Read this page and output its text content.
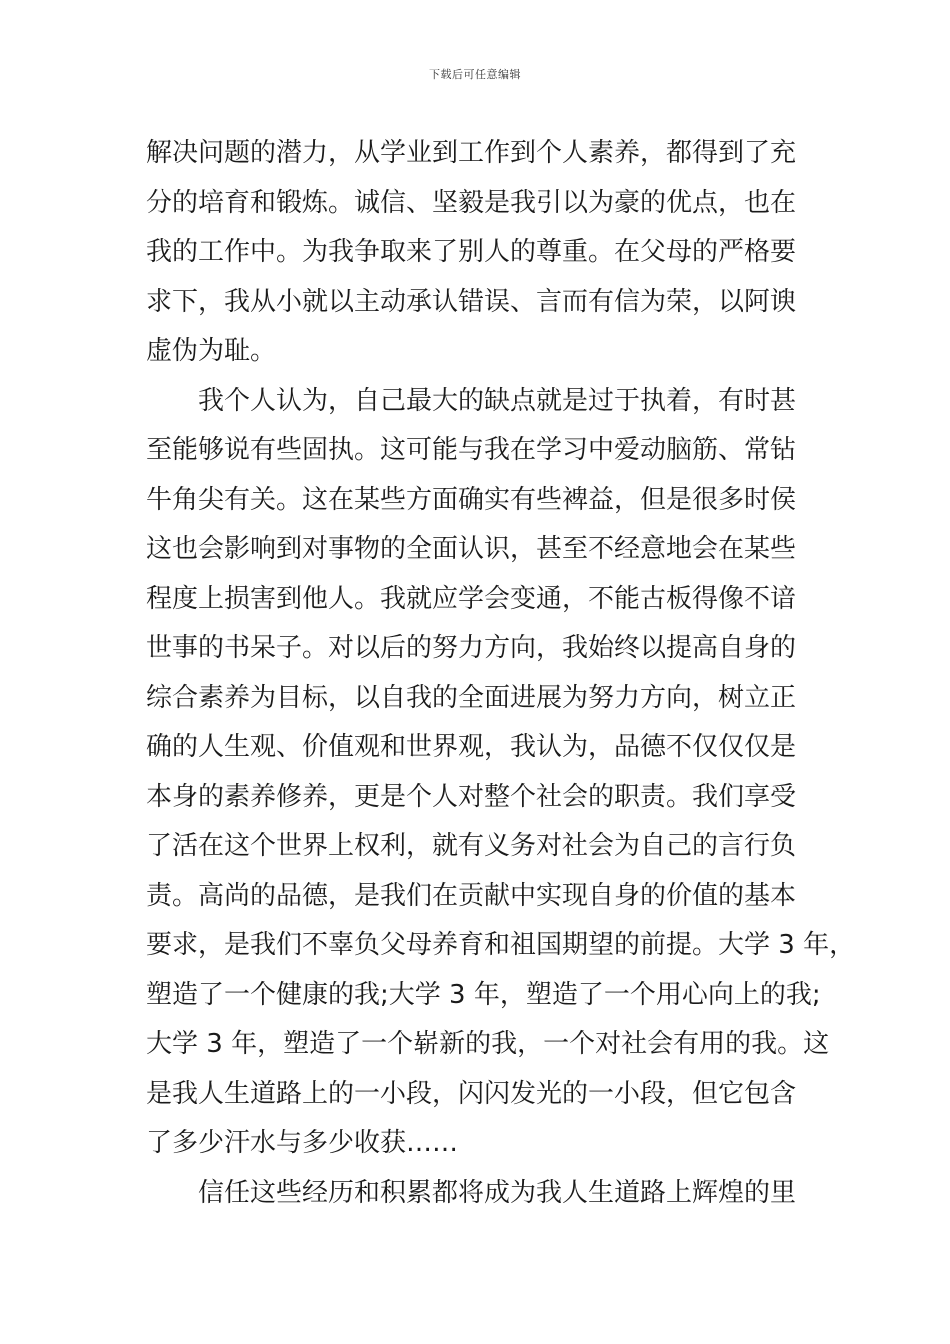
下载后可任意编辑
解决问题的潜力，从学业到工作到个人素养，都得到了充
分的培育和锻炼。诚信、坚毅是我引以为豪的优点，也在
我的工作中。为我争取来了别人的尊重。在父母的严格要
求下，我从小就以主动承认错误、言而有信为荣，以阿谀
虚伪为耻。
我个人认为，自己最大的缺点就是过于执着，有时甚
至能够说有些固执。这可能与我在学习中爱动脑筋、常钻
牛角尖有关。这在某些方面确实有些裨益，但是很多时侯
这也会影响到对事物的全面认识，甚至不经意地会在某些
程度上损害到他人。我就应学会变通，不能古板得像不谙
世事的书呆子。对以后的努力方向，我始终以提高自身的
综合素养为目标，以自我的全面进展为努力方向，树立正
确的人生观、价值观和世界观，我认为，品德不仅仅仅是
本身的素养修养，更是个人对整个社会的职责。我们享受
了活在这个世界上权利，就有义务对社会为自己的言行负
责。高尚的品德，是我们在贡献中实现自身的价值的基本
要求，是我们不辜负父母养育和祖国期望的前提。大学 3 年，
塑造了一个健康的我;大学 3 年，塑造了一个用心向上的我;
大学 3 年，塑造了一个崭新的我，一个对社会有用的我。这
是我人生道路上的一小段，闪闪发光的一小段，但它包含
了多少汗水与多少收获……
信任这些经历和积累都将成为我人生道路上辉煌的里
